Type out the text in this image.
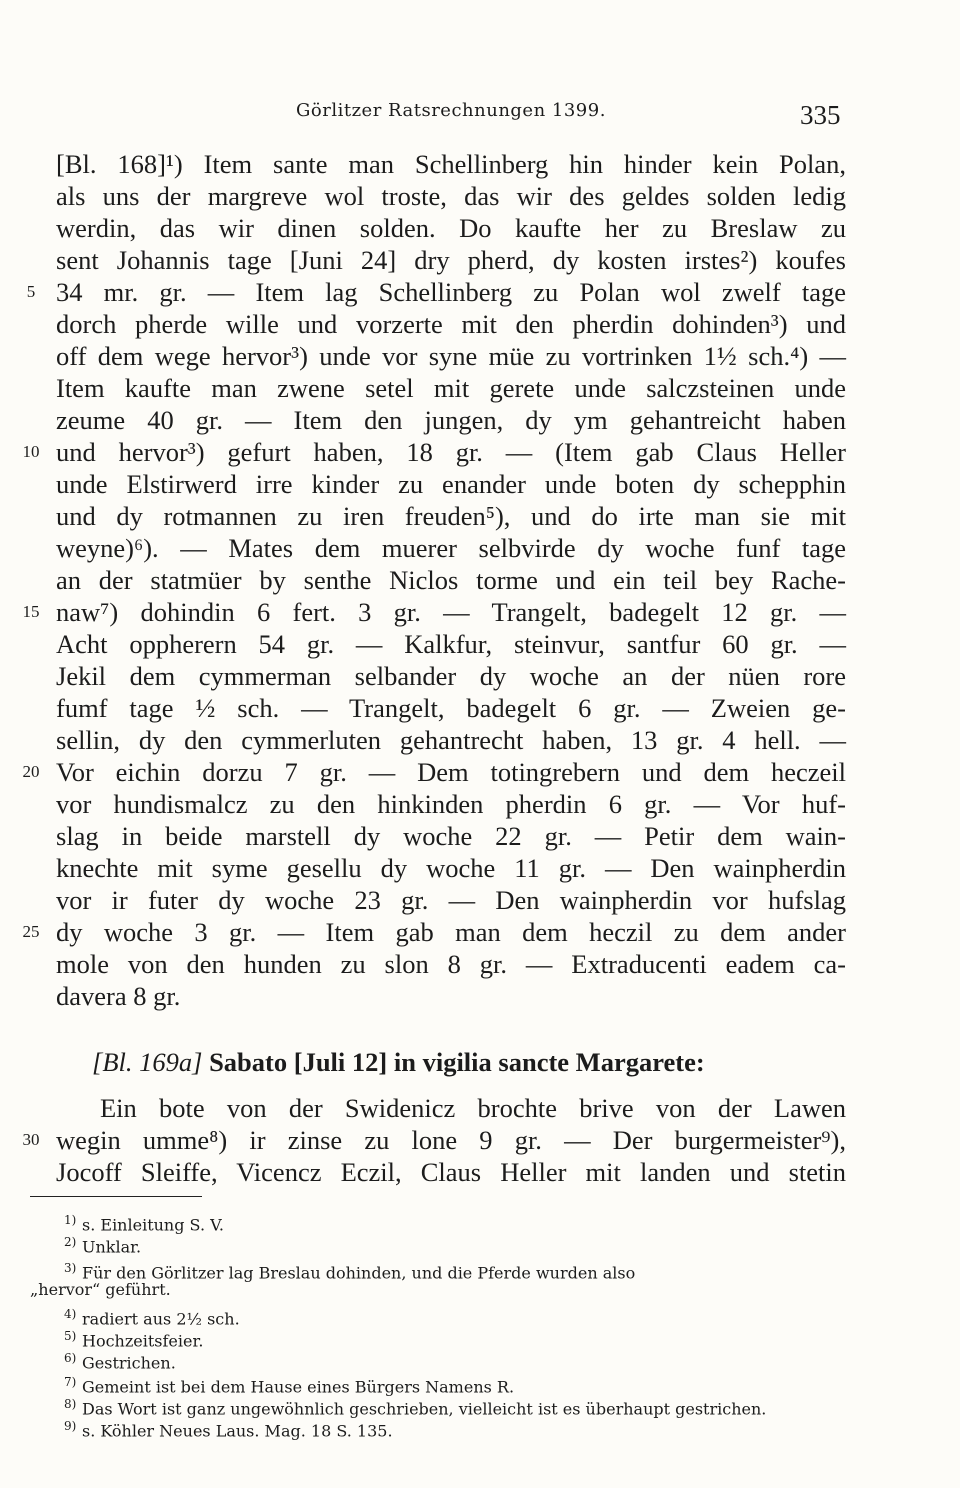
Görlitzer Ratsrechnungen 1399.	335
[Bl. 168]¹) Item sante man Schellinberg hin hinder kein Polan,
als uns der margreve wol troste, das wir des geldes solden ledig
werdin, das wir dinen solden. Do kaufte her zu Breslaw zu
sent Johannis tage [Juni 24] dry pherd, dy kosten irstes²) koufes
5 34 mr. gr. — Item lag Schellinberg zu Polan wol zwelf tage
dorch pherde wille und vorzerte mit den pherdin dohinden³) und
off dem wege hervor³) unde vor syne müe zu vortrinken 1½ sch.⁴) —
Item kaufte man zwene setel mit gerete unde salczsteinen unde
zeume 40 gr. — Item den jungen, dy ym gehantreicht haben
10 und hervor³) gefurt haben, 18 gr. — (Item gab Claus Heller
unde Elstirwerd irre kinder zu enander unde boten dy schepphin
und dy rotmannen zu iren freuden⁵), und do irte man sie mit
weyne)⁶). — Mates dem muerer selbvirde dy woche funf tage
an der statmüer by senthe Niclos torme und ein teil bey Rache-
15 naw⁷) dohindin 6 fert. 3 gr. — Trangelt, badegelt 12 gr. —
Acht oppherern 54 gr. — Kalkfur, steinvur, santfur 60 gr. —
Jekil dem cymmerman selbander dy woche an der nüen rore
fumf tage ½ sch. — Trangelt, badegelt 6 gr. — Zweien ge-
sellin, dy den cymmerluten gehantrecht haben, 13 gr. 4 hell. —
20 Vor eichin dorzu 7 gr. — Dem totingrebern und dem heczeil
vor hundismalcz zu den hinkinden pherdin 6 gr. — Vor huf-
slag in beide marstell dy woche 22 gr. — Petir dem wain-
knechte mit syme gesellu dy woche 11 gr. — Den wainpherdin
vor ir futer dy woche 23 gr. — Den wainpherdin vor hufslag
25 dy woche 3 gr. — Item gab man dem heczil zu dem ander
mole von den hunden zu slon 8 gr. — Extraducenti eadem ca-
davera 8 gr.
[Bl. 169a] Sabato [Juli 12] in vigilia sancte Margarete:
Ein bote von der Swidenicz brochte brive von der Lawen
30 wegin umme⁸) ir zinse zu lone 9 gr. — Der burgermeister⁹),
Jocoff Sleiffe, Vicencz Eczil, Claus Heller mit landen und stetin
1) s. Einleitung S. V.
2) Unklar.
3) Für den Görlitzer lag Breslau dohinden, und die Pferde wurden also
„hervor“ geführt.
4) radiert aus 2½ sch.
5) Hochzeitsfeier.
6) Gestrichen.
7) Gemeint ist bei dem Hause eines Bürgers Namens R.
8) Das Wort ist ganz ungewöhnlich geschrieben, vielleicht ist es überhaupt gestrichen.
9) s. Köhler Neues Laus. Mag. 18 S. 135.
